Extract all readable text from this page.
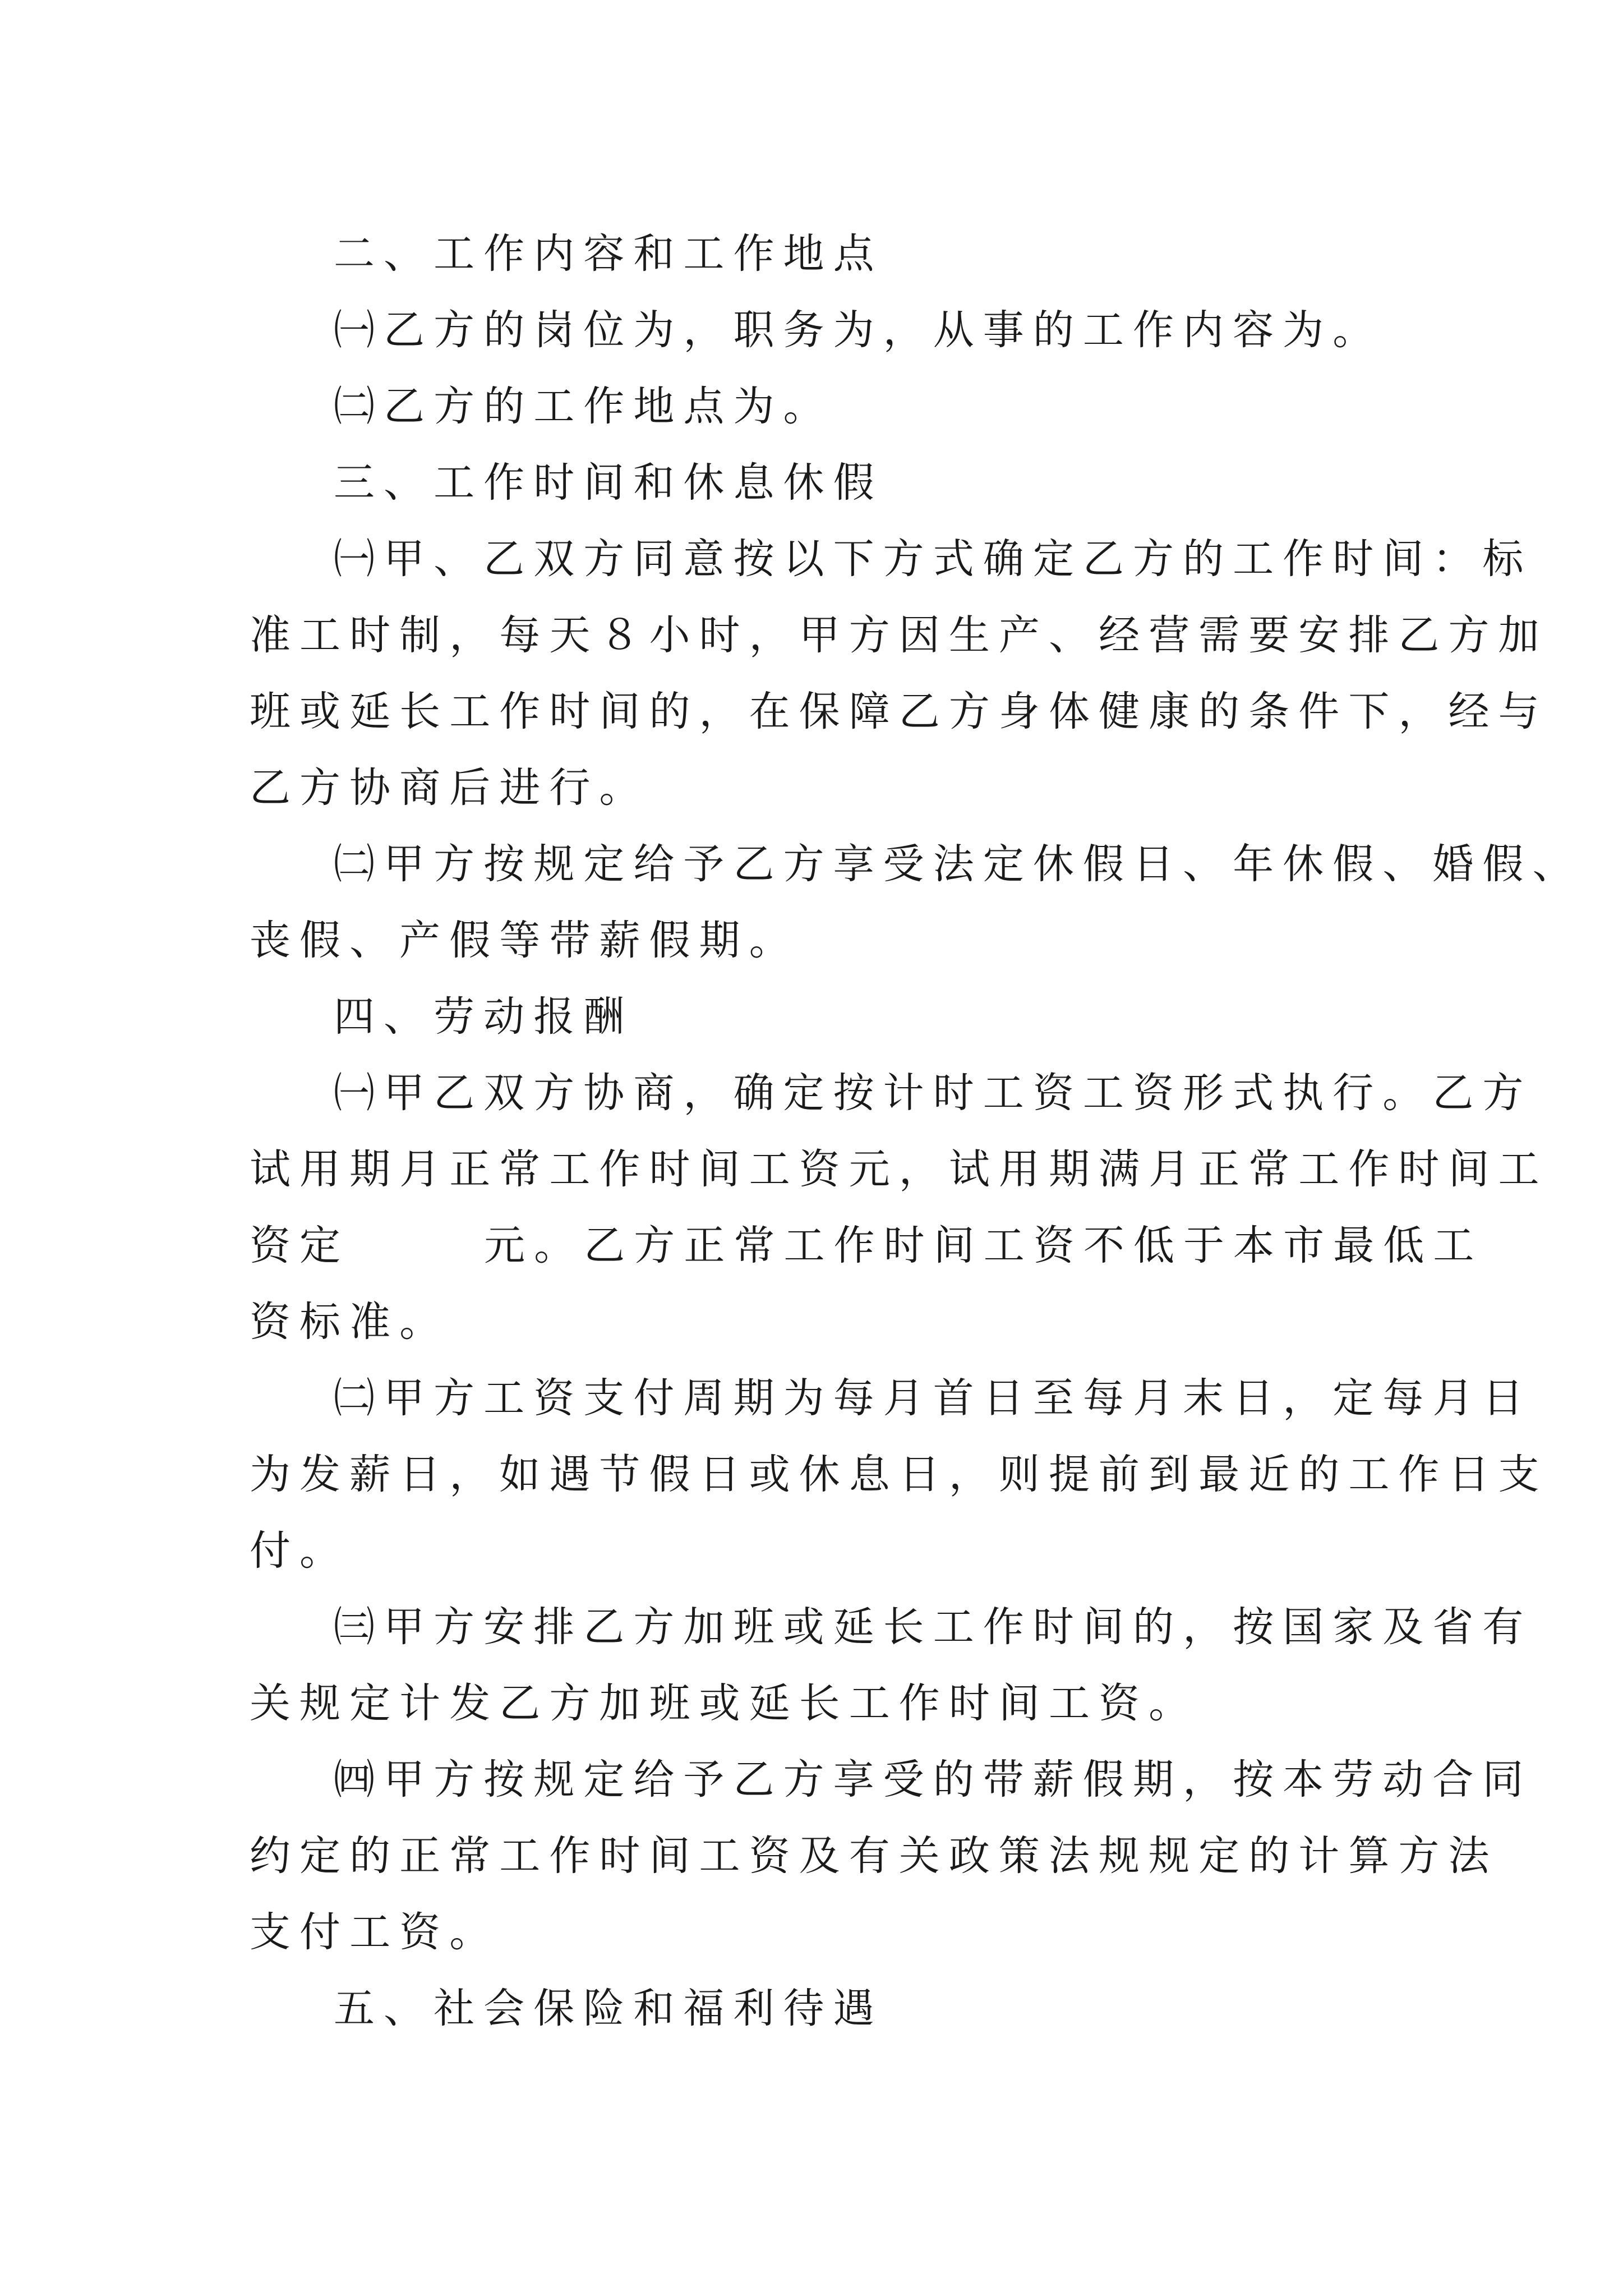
二、工作内容和工作地点
㈠乙方的岗位为，职务为，从事的工作内容为。
㈡乙方的工作地点为。
三、工作时间和休息休假
㈠甲、乙双方同意按以下方式确定乙方的工作时间：标
准工时制，每天８小时，甲方因生产、经营需要安排乙方加
班或延长工作时间的，在保障乙方身体健康的条件下，经与
乙方协商后进行。
㈡甲方按规定给予乙方享受法定休假日、年休假、婚假、
丧假、产假等带薪假期。
四、劳动报酬
㈠甲乙双方协商，确定按计时工资工资形式执行。乙方
试用期月正常工作时间工资元，试用期满月正常工作时间工
资定	元。乙方正常工作时间工资不低于本市最低工
资标准。
㈡甲方工资支付周期为每月首日至每月末日，定每月日
为发薪日，如遇节假日或休息日，则提前到最近的工作日支
付。
㈢甲方安排乙方加班或延长工作时间的，按国家及省有
关规定计发乙方加班或延长工作时间工资。
㈣甲方按规定给予乙方享受的带薪假期，按本劳动合同
约定的正常工作时间工资及有关政策法规规定的计算方法
支付工资。
五、社会保险和福利待遇
